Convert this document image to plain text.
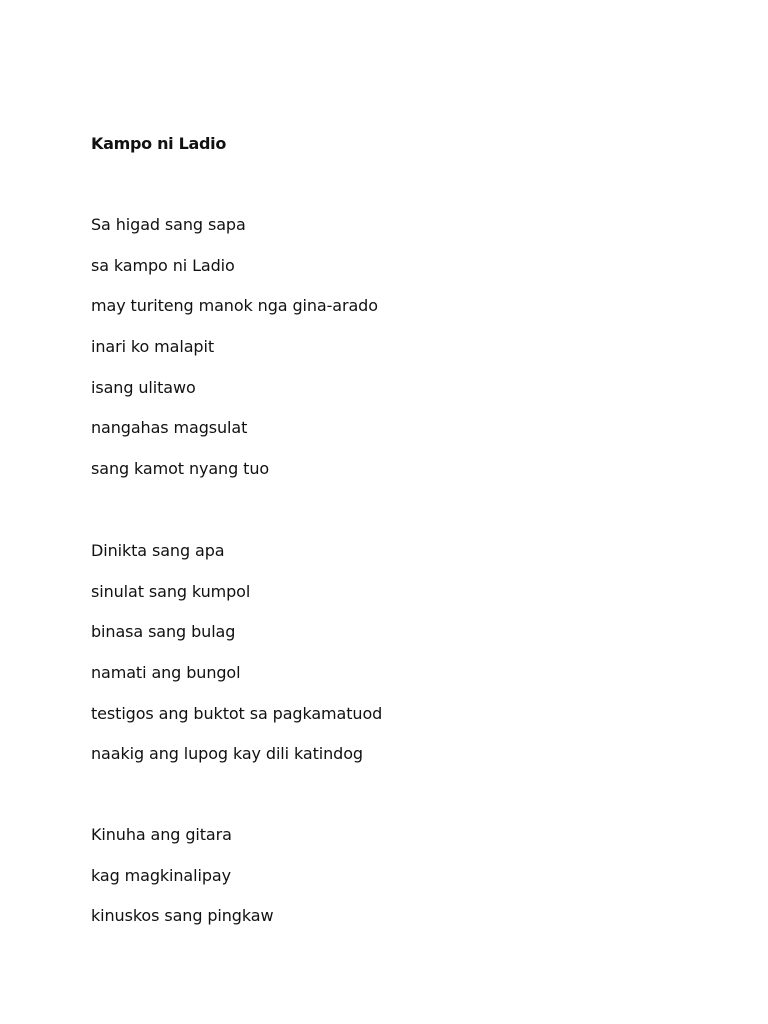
Kampo ni Ladio
Sa higad sang sapa
sa kampo ni Ladio
may turiteng manok nga gina-arado
inari ko malapit
isang ulitawo
nangahas magsulat
sang kamot nyang tuo
Dinikta sang apa
sinulat sang kumpol
binasa sang bulag
namati ang bungol
testigos ang buktot sa pagkamatuod
naakig ang lupog kay dili katindog
Kinuha ang gitara
kag magkinalipay
kinuskos sang pingkaw
